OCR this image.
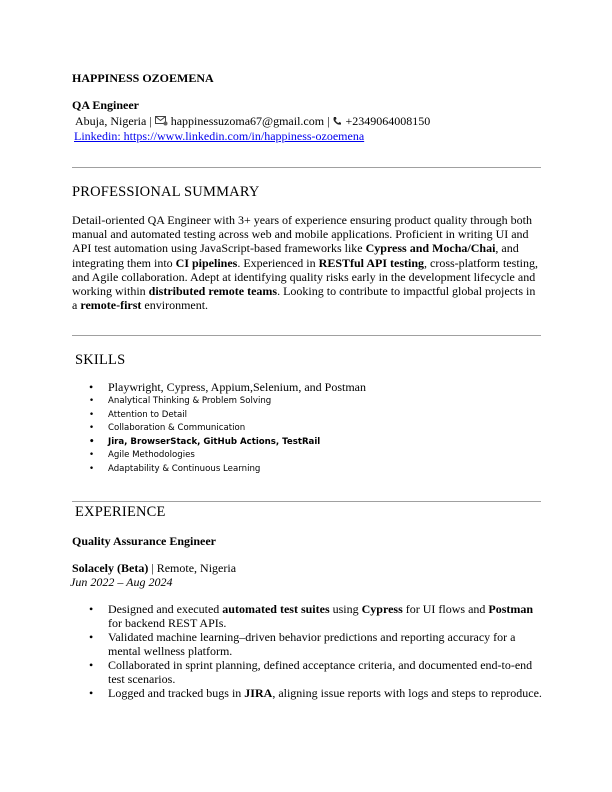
HAPPINESS OZOEMENA
QA Engineer
Abuja, Nigeria | happinessuzoma67@gmail.com | +2349064008150
Linkedin: https://www.linkedin.com/in/happiness-ozoemena
PROFESSIONAL SUMMARY
Detail-oriented QA Engineer with 3+ years of experience ensuring product quality through both manual and automated testing across web and mobile applications. Proficient in writing UI and API test automation using JavaScript-based frameworks like Cypress and Mocha/Chai, and integrating them into CI pipelines. Experienced in RESTful API testing, cross-platform testing, and Agile collaboration. Adept at identifying quality risks early in the development lifecycle and working within distributed remote teams. Looking to contribute to impactful global projects in a remote-first environment.
SKILLS
• Playwright, Cypress, Appium,Selenium, and Postman
• Analytical Thinking & Problem Solving
• Attention to Detail
• Collaboration & Communication
• Jira, BrowserStack, GitHub Actions, TestRail
• Agile Methodologies
• Adaptability & Continuous Learning
EXPERIENCE
Quality Assurance Engineer
Solacely (Beta) | Remote, Nigeria
Jun 2022 – Aug 2024
• Designed and executed automated test suites using Cypress for UI flows and Postman for backend REST APIs.
• Validated machine learning–driven behavior predictions and reporting accuracy for a mental wellness platform.
• Collaborated in sprint planning, defined acceptance criteria, and documented end-to-end test scenarios.
• Logged and tracked bugs in JIRA, aligning issue reports with logs and steps to reproduce.
